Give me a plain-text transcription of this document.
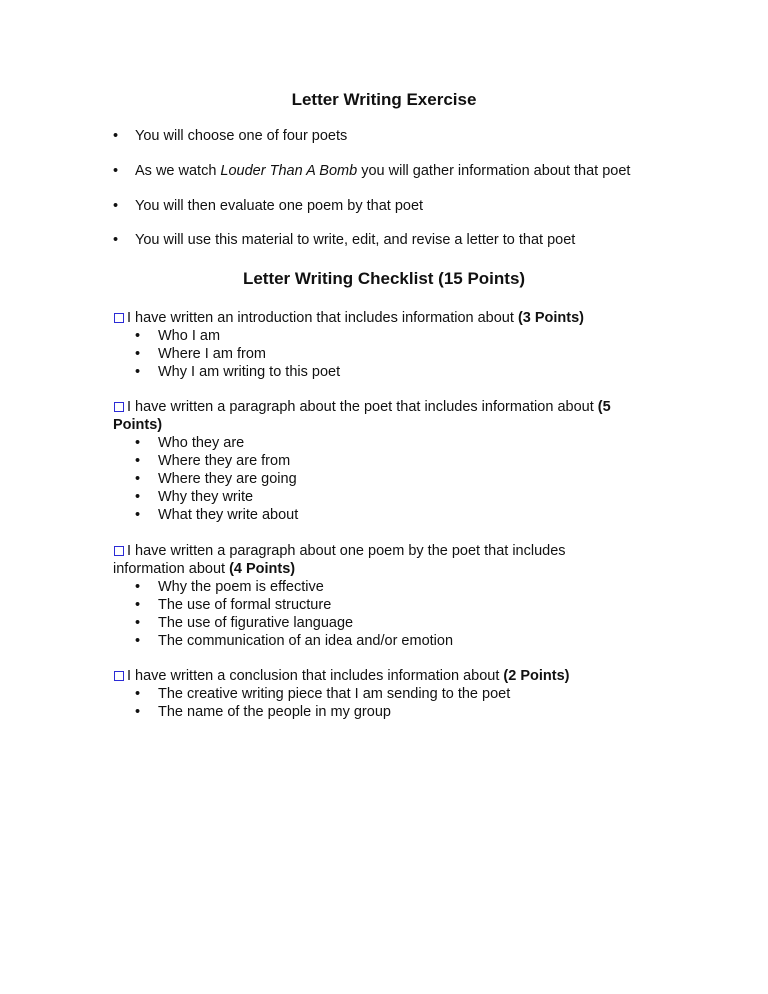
Letter Writing Exercise
• You will choose one of four poets
• As we watch Louder Than A Bomb you will gather information about that poet
• You will then evaluate one poem by that poet
• You will use this material to write, edit, and revise a letter to that poet
Letter Writing Checklist (15 Points)

I have written an introduction that includes information about (3 Points)

• Who I am
• Where I am from
• Why I am writing to this poet

I have written a paragraph about the poet that includes information about (5 Points)

• Who they are
• Where they are from
• Where they are going
• Why they write
• What they write about

I have written a paragraph about one poem by the poet that includes information about (4 Points)

• Why the poem is effective
• The use of formal structure
• The use of figurative language
• The communication of an idea and/or emotion

I have written a conclusion that includes information about (2 Points)

• The creative writing piece that I am sending to the poet
• The name of the people in my group
